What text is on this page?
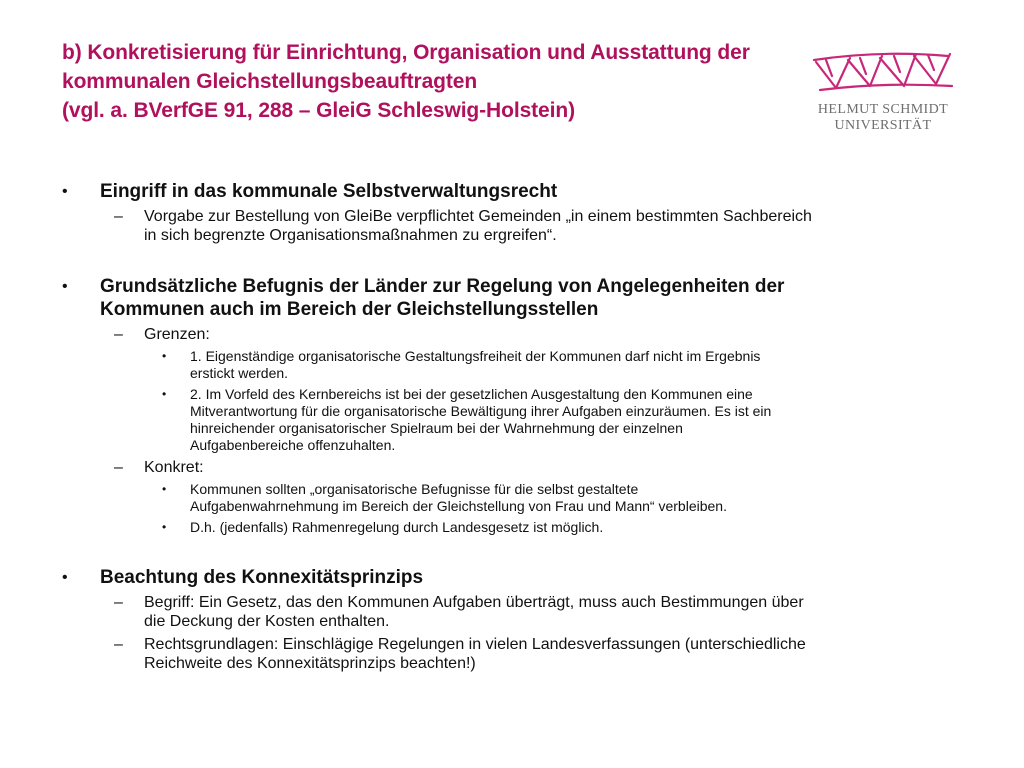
b) Konkretisierung für Einrichtung, Organisation und Ausstattung der
kommunalen Gleichstellungsbeauftragten
(vgl. a. BVerfGE 91, 288 – GleiG Schleswig-Holstein)	HELMUT SCHMIDT
UNIVERSITÄT
• Eingriff in das kommunale Selbstverwaltungsrecht
– Vorgabe zur Bestellung von GleiBe verpflichtet Gemeinden „in einem bestimmten Sachbereich
in sich begrenzte Organisationsmaßnahmen zu ergreifen“.
• Grundsätzliche Befugnis der Länder zur Regelung von Angelegenheiten der
Kommunen auch im Bereich der Gleichstellungsstellen
– Grenzen:
• 1. Eigenständige organisatorische Gestaltungsfreiheit der Kommunen darf nicht im Ergebnis
erstickt werden.
• 2. Im Vorfeld des Kernbereichs ist bei der gesetzlichen Ausgestaltung den Kommunen eine
Mitverantwortung für die organisatorische Bewältigung ihrer Aufgaben einzuräumen. Es ist ein
hinreichender organisatorischer Spielraum bei der Wahrnehmung der einzelnen
Aufgabenbereiche offenzuhalten.
– Konkret:
• Kommunen sollten „organisatorische Befugnisse für die selbst gestaltete
Aufgabenwahrnehmung im Bereich der Gleichstellung von Frau und Mann“ verbleiben.
• D.h. (jedenfalls) Rahmenregelung durch Landesgesetz ist möglich.
• Beachtung des Konnexitätsprinzips
– Begriff: Ein Gesetz, das den Kommunen Aufgaben überträgt, muss auch Bestimmungen über
die Deckung der Kosten enthalten.
– Rechtsgrundlagen: Einschlägige Regelungen in vielen Landesverfassungen (unterschiedliche
Reichweite des Konnexitätsprinzips beachten!)
